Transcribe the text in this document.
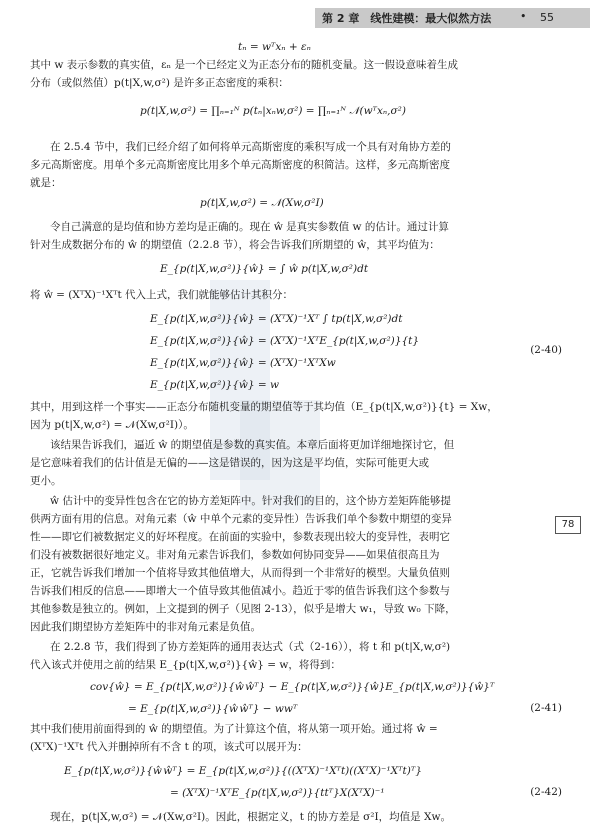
第 2 章　线性建模：最大似然方法	• 55
tₙ = wᵀxₙ + εₙ
其中 w 表示参数的真实值，εₙ 是一个已经定义为正态分布的随机变量。这一假设意味着生成
分布（或似然值）p(t|X,w,σ²) 是许多正态密度的乘积：
p(t|X,w,σ²) = ∏ₙ₌₁ᴺ p(tₙ|xₙw,σ²) = ∏ₙ₌₁ᴺ 𝒩(wᵀxₙ,σ²)
在 2.5.4 节中，我们已经介绍了如何将单元高斯密度的乘积写成一个具有对角协方差的
多元高斯密度。用单个多元高斯密度比用多个单元高斯密度的积简洁。这样，多元高斯密度
就是：
p(t|X,w,σ²) = 𝒩(Xw,σ²I)
令自己满意的是均值和协方差均是正确的。现在 ŵ 是真实参数值 w 的估计。通过计算
针对生成数据分布的 ŵ 的期望值（2.2.8 节），将会告诉我们所期望的 ŵ，其平均值为：
E_{p(t|X,w,σ²)}{ŵ} = ∫ ŵ p(t|X,w,σ²)dt
将 ŵ = (XᵀX)⁻¹Xᵀt 代入上式，我们就能够估计其积分：
E_{p(t|X,w,σ²)}{ŵ} = (XᵀX)⁻¹Xᵀ ∫ tp(t|X,w,σ²)dt
E_{p(t|X,w,σ²)}{ŵ} = (XᵀX)⁻¹XᵀE_{p(t|X,w,σ²)}{t}
E_{p(t|X,w,σ²)}{ŵ} = (XᵀX)⁻¹XᵀXw
E_{p(t|X,w,σ²)}{ŵ} = w
(2-40)
其中，用到这样一个事实——正态分布随机变量的期望值等于其均值（E_{p(t|X,w,σ²)}{t} = Xw，
因为 p(t|X,w,σ²) = 𝒩(Xw,σ²I)）。
该结果告诉我们，逼近 ŵ 的期望值是参数的真实值。本章后面将更加详细地探讨它，但
是它意味着我们的估计值是无偏的——这是错误的，因为这是平均值，实际可能更大或
更小。
ŵ 估计中的变异性包含在它的协方差矩阵中。针对我们的目的，这个协方差矩阵能够提
供两方面有用的信息。对角元素（ŵ 中单个元素的变异性）告诉我们单个参数中期望的变异
性——即它们被数据定义的好坏程度。在前面的实验中，参数表现出较大的变异性，表明它
们没有被数据很好地定义。非对角元素告诉我们，参数如何协同变异——如果值很高且为
正，它就告诉我们增加一个值将导致其他值增大，从而得到一个非常好的模型。大量负值则
告诉我们相反的信息——即增大一个值导致其他值减小。趋近于零的值告诉我们这个参数与
其他参数是独立的。例如，上文提到的例子（见图 2-13），似乎是增大 w₁，导致 w₀ 下降，
因此我们期望协方差矩阵中的非对角元素是负值。
78
在 2.2.8 节，我们得到了协方差矩阵的通用表达式（式（2-16）），将 t 和 p(t|X,w,σ²)
代入该式并使用之前的结果 E_{p(t|X,w,σ²)}{ŵ} = w，将得到：
cov{ŵ} = E_{p(t|X,w,σ²)}{ŵŵᵀ} − E_{p(t|X,w,σ²)}{ŵ}E_{p(t|X,w,σ²)}{ŵ}ᵀ
= E_{p(t|X,w,σ²)}{ŵŵᵀ} − wwᵀ	(2-41)
其中我们使用前面得到的 ŵ 的期望值。为了计算这个值，将从第一项开始。通过将 ŵ =
(XᵀX)⁻¹Xᵀt 代入并删掉所有不含 t 的项，该式可以展开为：
E_{p(t|X,w,σ²)}{ŵŵᵀ} = E_{p(t|X,w,σ²)}{((XᵀX)⁻¹Xᵀt)((XᵀX)⁻¹Xᵀt)ᵀ}
= (XᵀX)⁻¹XᵀE_{p(t|X,w,σ²)}{ttᵀ}X(XᵀX)⁻¹	(2-42)
现在，p(t|X,w,σ²) = 𝒩(Xw,σ²I)。因此，根据定义，t 的协方差是 σ²I，均值是 Xw。
